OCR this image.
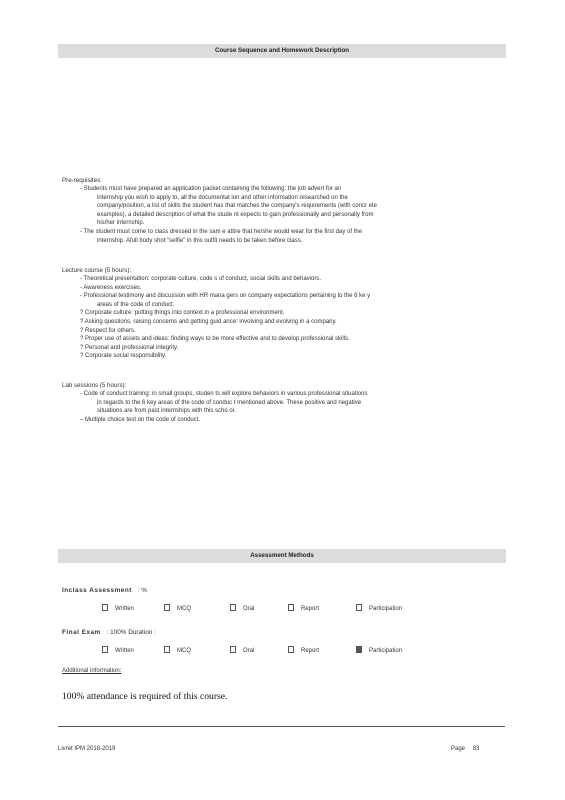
Course Sequence and Homework Description
Pre-requisites:
- Students must have prepared an application packet containing the following: the job advert for an
internship you wish to apply to, all the documentat ion and other information researched on the
company/position, a list of skills the student has that matches the company's requirements (with concr ete
examples), a detailed description of what the stude nt expects to gain professionally and personally from
his/her internship.
- The student must come to class dressed in the sam e attire that he/she would wear for the first day of the
internship. Afull body shot "selfie" in this outfit needs to be taken before class.
Lecture course (5 hours):
- Theoretical presentation: corporate culture, code s of conduct, social skills and behaviors.
- Awareness exercises.
- Professional testimony and discussion with HR mana gers on company expectations pertaining to the 6 ke y
areas of the code of conduct:
? Corporate culture: putting things into context in a professional environment.
? Asking questions, raising concerns and getting guid ance: involving and evolving in a company.
? Respect for others.
? Proper use of assets and ideas: finding ways to be more effective and to develop professional skills.
? Personal and professional integrity.
? Corporate social responsibility.
Lab sessions (5 hours):
- Code of conduct training: in small groups, studen ts will explore behaviors in various professional situations
in regards to the 6 key areas of the code of conduc t mentioned above. These positive and negative
situations are from past internships with this scho ol.
– Multiple choice test on the code of conduct.
Assessment Methods
Inclass Assessment : %
Written	MCQ	Oral	Report	Participation
Final Exam : 100% Duration :
Written	MCQ	Oral	Report	Participation
Additional information:
100% attendance is required of this course.
Livret IPM 2018-2019	Page 83
